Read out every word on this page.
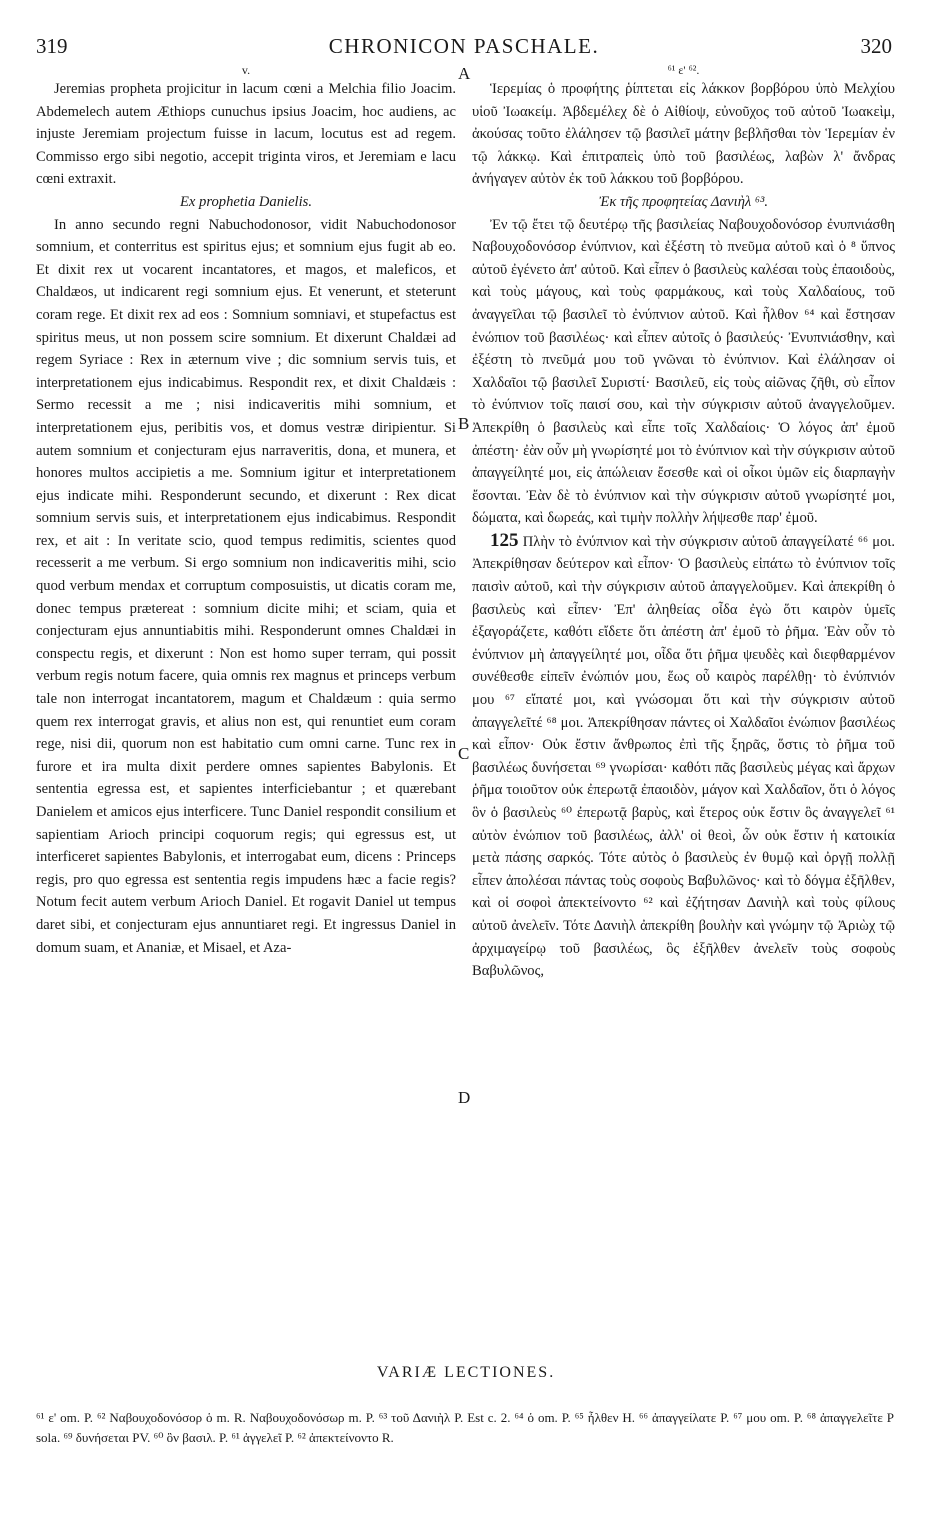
319	CHRONICON PASCHALE.	320

v.

Jeremias propheta projicitur in lacum cœni a Melchia filio Joacim. Abdemelech autem Æthiops cunuchus ipsius Joacim, hoc audiens, ac injuste Jeremiam projectum fuisse in lacum, locutus est ad regem. Commisso ergo sibi negotio, accepit triginta viros, et Jeremiam e lacu cœni extraxit.

Ex prophetia Danielis.

In anno secundo regni Nabuchodonosor, vidit Nabuchodonosor somnium, et conterritus est spiritus ejus; et somnium ejus fugit ab eo. Et dixit rex ut vocarent incantatores, et magos, et maleficos, et Chaldæos, ut indicarent regi somnium ejus. Et venerunt, et steterunt coram rege. Et dixit rex ad eos : Somnium somniavi, et stupefactus est spiritus meus, ut non possem scire somnium. Et dixerunt Chaldæi ad regem Syriace : Rex in æternum vive ; dic somnium servis tuis, et interpretationem ejus indicabimus. Respondit rex, et dixit Chaldæis : Sermo recessit a me ; nisi indicaveritis mihi somnium, et interpretationem ejus, peribitis vos, et domus vestræ diripientur. Si autem somnium et conjecturam ejus narraveritis, dona, et munera, et honores multos accipietis a me. Somnium igitur et interpretationem ejus indicate mihi. Responderunt secundo, et dixerunt : Rex dicat somnium servis suis, et interpretationem ejus indicabimus. Respondit rex, et ait : In veritate scio, quod tempus redimitis, scientes quod recesserit a me verbum. Si ergo somnium non indicaveritis mihi, scio quod verbum mendax et corruptum composuistis, ut dicatis coram me, donec tempus prætereat : somnium dicite mihi; et sciam, quia et conjecturam ejus annuntiabitis mihi. Responderunt omnes Chaldæi in conspectu regis, et dixerunt : Non est homo super terram, qui possit verbum regis notum facere, quia omnis rex magnus et princeps verbum tale non interrogat incantatorem, magum et Chaldæum : quia sermo quem rex interrogat gravis, et alius non est, qui renuntiet eum coram rege, nisi dii, quorum non est habitatio cum omni carne. Tunc rex in furore et ira multa dixit perdere omnes sapientes Babylonis. Et sententia egressa est, et sapientes interficiebantur ; et quærebant Danielem et amicos ejus interficere. Tunc Daniel respondit consilium et sapientiam Arioch principi coquorum regis; qui egressus est, ut interficeret sapientes Babylonis, et interrogabat eum, dicens : Princeps regis, pro quo egressa est sententia regis impudens hæc a facie regis? Notum fecit autem verbum Arioch Daniel. Et rogavit Daniel ut tempus daret sibi, et conjecturam ejus annuntiaret regi. Et ingressus Daniel in domum suam, et Ananiæ, et Misael, et Aza-

A
B
C
D

⁶¹ ε' ⁶².

Ἱερεμίας ὁ προφήτης ῥίπτεται εἰς λάκκον βορβόρου ὑπὸ Μελχίου υἱοῦ Ἰωακείμ. Ἀβδεμέλεχ δὲ ὁ Αἰθίοψ, εὐνοῦχος τοῦ αὐτοῦ Ἰωακεὶμ, ἀκούσας τοῦτο ἐλάλησεν τῷ βασιλεῖ μάτην βεβλῆσθαι τὸν Ἱερεμίαν ἐν τῷ λάκκῳ. Καὶ ἐπιτραπεὶς ὑπὸ τοῦ βασιλέως, λαβὼν λ' ἄνδρας ἀνήγαγεν αὐτὸν ἐκ τοῦ λάκκου τοῦ βορβόρου.

Ἐκ τῆς προφητείας Δανιὴλ ⁶³.

Ἐν τῷ ἔτει τῷ δευτέρῳ τῆς βασιλείας Ναβουχοδονόσορ ἐνυπνιάσθη Ναβουχοδονόσορ ἐνύπνιον, καὶ ἐξέστη τὸ πνεῦμα αὐτοῦ καὶ ὁ ⁸ ὕπνος αὐτοῦ ἐγένετο ἀπ' αὐτοῦ. Καὶ εἶπεν ὁ βασιλεὺς καλέσαι τοὺς ἐπαοιδοὺς, καὶ τοὺς μάγους, καὶ τοὺς φαρμάκους, καὶ τοὺς Χαλδαίους, τοῦ ἀναγγεῖλαι τῷ βασιλεῖ τὸ ἐνύπνιον αὐτοῦ. Καὶ ἦλθον ⁶⁴ καὶ ἔστησαν ἐνώπιον τοῦ βασιλέως· καὶ εἶπεν αὐτοῖς ὁ βασιλεύς· Ἐνυπνιάσθην, καὶ ἐξέστη τὸ πνεῦμά μου τοῦ γνῶναι τὸ ἐνύπνιον. Καὶ ἐλάλησαν οἱ Χαλδαῖοι τῷ βασιλεῖ Συριστί· Βασιλεῦ, εἰς τοὺς αἰῶνας ζῆθι, σὺ εἶπον τὸ ἐνύπνιον τοῖς παισί σου, καὶ τὴν σύγκρισιν αὐτοῦ ἀναγγελοῦμεν. Ἀπεκρίθη ὁ βασιλεὺς καὶ εἶπε τοῖς Χαλδαίοις· Ὁ λόγος ἀπ' ἐμοῦ ἀπέστη· ἐὰν οὖν μὴ γνωρίσητέ μοι τὸ ἐνύπνιον καὶ τὴν σύγκρισιν αὐτοῦ ἀπαγγείλητέ μοι, εἰς ἀπώλειαν ἔσεσθε καὶ οἱ οἶκοι ὑμῶν εἰς διαρπαγὴν ἔσονται. Ἐὰν δὲ τὸ ἐνύπνιον καὶ τὴν σύγκρισιν αὐτοῦ γνωρίσητέ μοι, δώματα, καὶ δωρεάς, καὶ τιμὴν πολλὴν λήψεσθε παρ' ἐμοῦ.

125 Πλὴν τὸ ἐνύπνιον καὶ τὴν σύγκρισιν αὐτοῦ ἀπαγγείλατέ ⁶⁶ μοι. Ἀπεκρίθησαν δεύτερον καὶ εἶπον· Ὁ βασιλεὺς εἰπάτω τὸ ἐνύπνιον τοῖς παισὶν αὐτοῦ, καὶ τὴν σύγκρισιν αὐτοῦ ἀπαγγελοῦμεν. Καὶ ἀπεκρίθη ὁ βασιλεὺς καὶ εἶπεν· Ἐπ' ἀληθείας οἶδα ἐγὼ ὅτι καιρὸν ὑμεῖς ἐξαγοράζετε, καθότι εἴδετε ὅτι ἀπέστη ἀπ' ἐμοῦ τὸ ῥῆμα. Ἐὰν οὖν τὸ ἐνύπνιον μὴ ἀπαγγείλητέ μοι, οἶδα ὅτι ῥῆμα ψευδὲς καὶ διεφθαρμένον συνέθεσθε εἰπεῖν ἐνώπιόν μου, ἕως οὗ καιρὸς παρέλθῃ· τὸ ἐνύπνιόν μου ⁶⁷ εἴπατέ μοι, καὶ γνώσομαι ὅτι καὶ τὴν σύγκρισιν αὐτοῦ ἀπαγγελεῖτέ ⁶⁸ μοι. Ἀπεκρίθησαν πάντες οἱ Χαλδαῖοι ἐνώπιον βασιλέως καὶ εἶπον· Οὐκ ἔστιν ἄνθρωπος ἐπὶ τῆς ξηρᾶς, ὅστις τὸ ῥῆμα τοῦ βασιλέως δυνήσεται ⁶⁹ γνωρίσαι· καθότι πᾶς βασιλεὺς μέγας καὶ ἄρχων ῥῆμα τοιοῦτον οὐκ ἐπερωτᾷ ἐπαοιδὸν, μάγον καὶ Χαλδαῖον, ὅτι ὁ λόγος ὃν ὁ βασιλεὺς ⁶⁰ ἐπερωτᾷ βαρὺς, καὶ ἕτερος οὐκ ἔστιν ὃς ἀναγγελεῖ ⁶¹ αὐτὸν ἐνώπιον τοῦ βασιλέως, ἀλλ' οἱ θεοὶ, ὧν οὐκ ἔστιν ἡ κατοικία μετὰ πάσης σαρκός. Τότε αὐτὸς ὁ βασιλεὺς ἐν θυμῷ καὶ ὀργῇ πολλῇ εἶπεν ἀπολέσαι πάντας τοὺς σοφοὺς Βαβυλῶνος· καὶ τὸ δόγμα ἐξῆλθεν, καὶ οἱ σοφοὶ ἀπεκτείνοντο ⁶² καὶ ἐζήτησαν Δανιὴλ καὶ τοὺς φίλους αὐτοῦ ἀνελεῖν. Τότε Δανιὴλ ἀπεκρίθη βουλὴν καὶ γνώμην τῷ Ἀριὼχ τῷ ἀρχιμαγείρῳ τοῦ βασιλέως, ὃς ἐξῆλθεν ἀνελεῖν τοὺς σοφοὺς Βαβυλῶνος,

VARIÆ LECTIONES.
⁶¹ ε' om. P. ⁶² Ναβουχοδονόσορ ὁ m. R. Ναβουχοδονόσωρ m. P. ⁶³ τοῦ Δανιὴλ P. Est c. 2. ⁶⁴ ὁ om. P. ⁶⁵ ἦλθεν H. ⁶⁶ ἀπαγγείλατε P. ⁶⁷ μου om. P. ⁶⁸ ἀπαγγελεῖτε P sola. ⁶⁹ δυνήσεται PV. ⁶⁰ ὃν βασιλ. P. ⁶¹ ἀγγελεῖ P. ⁶² ἀπεκτείνοντο R.
